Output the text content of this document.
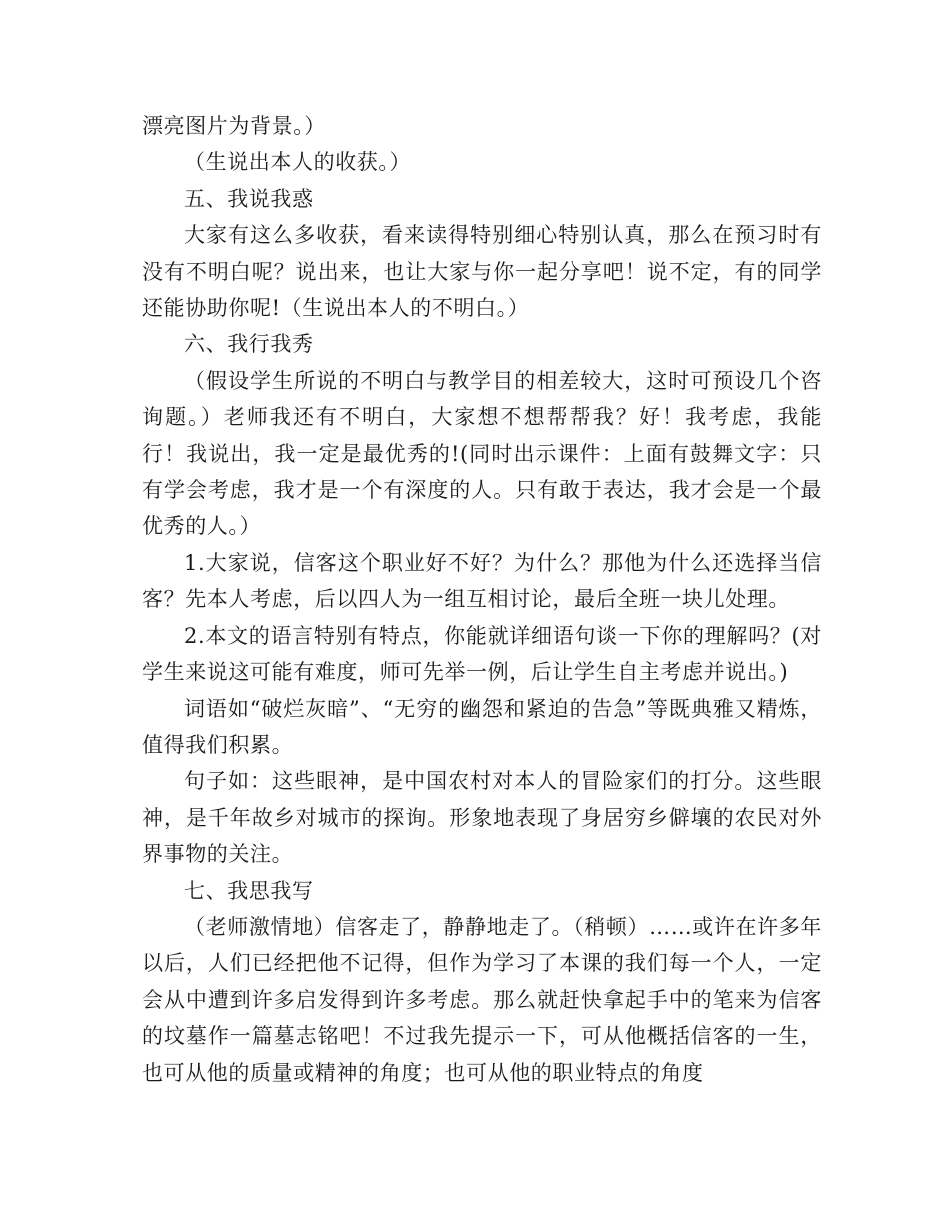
漂亮图片为背景。）

（生说出本人的收获。）

五、我说我惑

大家有这么多收获，看来读得特别细心特别认真，那么在预习时有没有不明白呢？说出来，也让大家与你一起分享吧！说不定，有的同学还能协助你呢!（生说出本人的不明白。）

六、我行我秀

（假设学生所说的不明白与教学目的相差较大，这时可预设几个咨询题。）老师我还有不明白，大家想不想帮帮我？好！我考虑，我能行！我说出，我一定是最优秀的!(同时出示课件：上面有鼓舞文字：只有学会考虑，我才是一个有深度的人。只有敢于表达，我才会是一个最优秀的人。）

1.大家说，信客这个职业好不好？为什么？那他为什么还选择当信客？先本人考虑，后以四人为一组互相讨论，最后全班一块儿处理。

2.本文的语言特别有特点，你能就详细语句谈一下你的理解吗？(对学生来说这可能有难度，师可先举一例，后让学生自主考虑并说出。)

词语如“破烂灰暗”、“无穷的幽怨和紧迫的告急”等既典雅又精炼，值得我们积累。

句子如：这些眼神，是中国农村对本人的冒险家们的打分。这些眼神，是千年故乡对城市的探询。形象地表现了身居穷乡僻壤的农民对外界事物的关注。

七、我思我写

（老师激情地）信客走了，静静地走了。（稍顿）……或许在许多年以后，人们已经把他不记得，但作为学习了本课的我们每一个人，一定会从中遭到许多启发得到许多考虑。那么就赶快拿起手中的笔来为信客的坟墓作一篇墓志铭吧！不过我先提示一下，可从他概括信客的一生，也可从他的质量或精神的角度；也可从他的职业特点的角度
